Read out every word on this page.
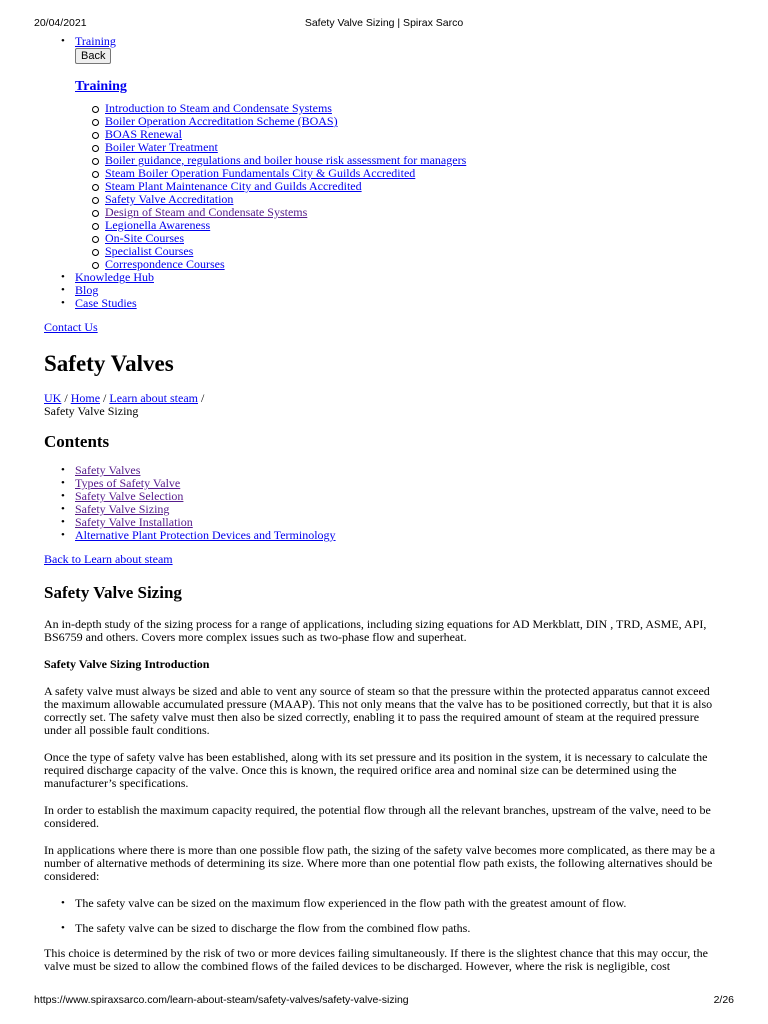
20/04/2021	Safety Valve Sizing | Spirax Sarco
• Training
Back
Training
Introduction to Steam and Condensate Systems
Boiler Operation Accreditation Scheme (BOAS)
BOAS Renewal
Boiler Water Treatment
Boiler guidance, regulations and boiler house risk assessment for managers
Steam Boiler Operation Fundamentals City & Guilds Accredited
Steam Plant Maintenance City and Guilds Accredited
Safety Valve Accreditation
Design of Steam and Condensate Systems
Legionella Awareness
On-Site Courses
Specialist Courses
Correspondence Courses
• Knowledge Hub
• Blog
• Case Studies
Contact Us
Safety Valves
UK / Home / Learn about steam /
Safety Valve Sizing
Contents
• Safety Valves
• Types of Safety Valve
• Safety Valve Selection
• Safety Valve Sizing
• Safety Valve Installation
• Alternative Plant Protection Devices and Terminology
Back to Learn about steam
Safety Valve Sizing

An in-depth study of the sizing process for a range of applications, including sizing equations for AD Merkblatt, DIN , TRD, ASME, API, BS6759 and others. Covers more complex issues such as two-phase flow and superheat.

Safety Valve Sizing Introduction

A safety valve must always be sized and able to vent any source of steam so that the pressure within the protected apparatus cannot exceed the maximum allowable accumulated pressure (MAAP). This not only means that the valve has to be positioned correctly, but that it is also correctly set. The safety valve must then also be sized correctly, enabling it to pass the required amount of steam at the required pressure under all possible fault conditions.

Once the type of safety valve has been established, along with its set pressure and its position in the system, it is necessary to calculate the required discharge capacity of the valve. Once this is known, the required orifice area and nominal size can be determined using the manufacturer’s specifications.

In order to establish the maximum capacity required, the potential flow through all the relevant branches, upstream of the valve, need to be considered.

In applications where there is more than one possible flow path, the sizing of the safety valve becomes more complicated, as there may be a number of alternative methods of determining its size. Where more than one potential flow path exists, the following alternatives should be considered:

• The safety valve can be sized on the maximum flow experienced in the flow path with the greatest amount of flow.
• The safety valve can be sized to discharge the flow from the combined flow paths.

This choice is determined by the risk of two or more devices failing simultaneously. If there is the slightest chance that this may occur, the valve must be sized to allow the combined flows of the failed devices to be discharged. However, where the risk is negligible, cost

https://www.spiraxsarco.com/learn-about-steam/safety-valves/safety-valve-sizing	2/26
